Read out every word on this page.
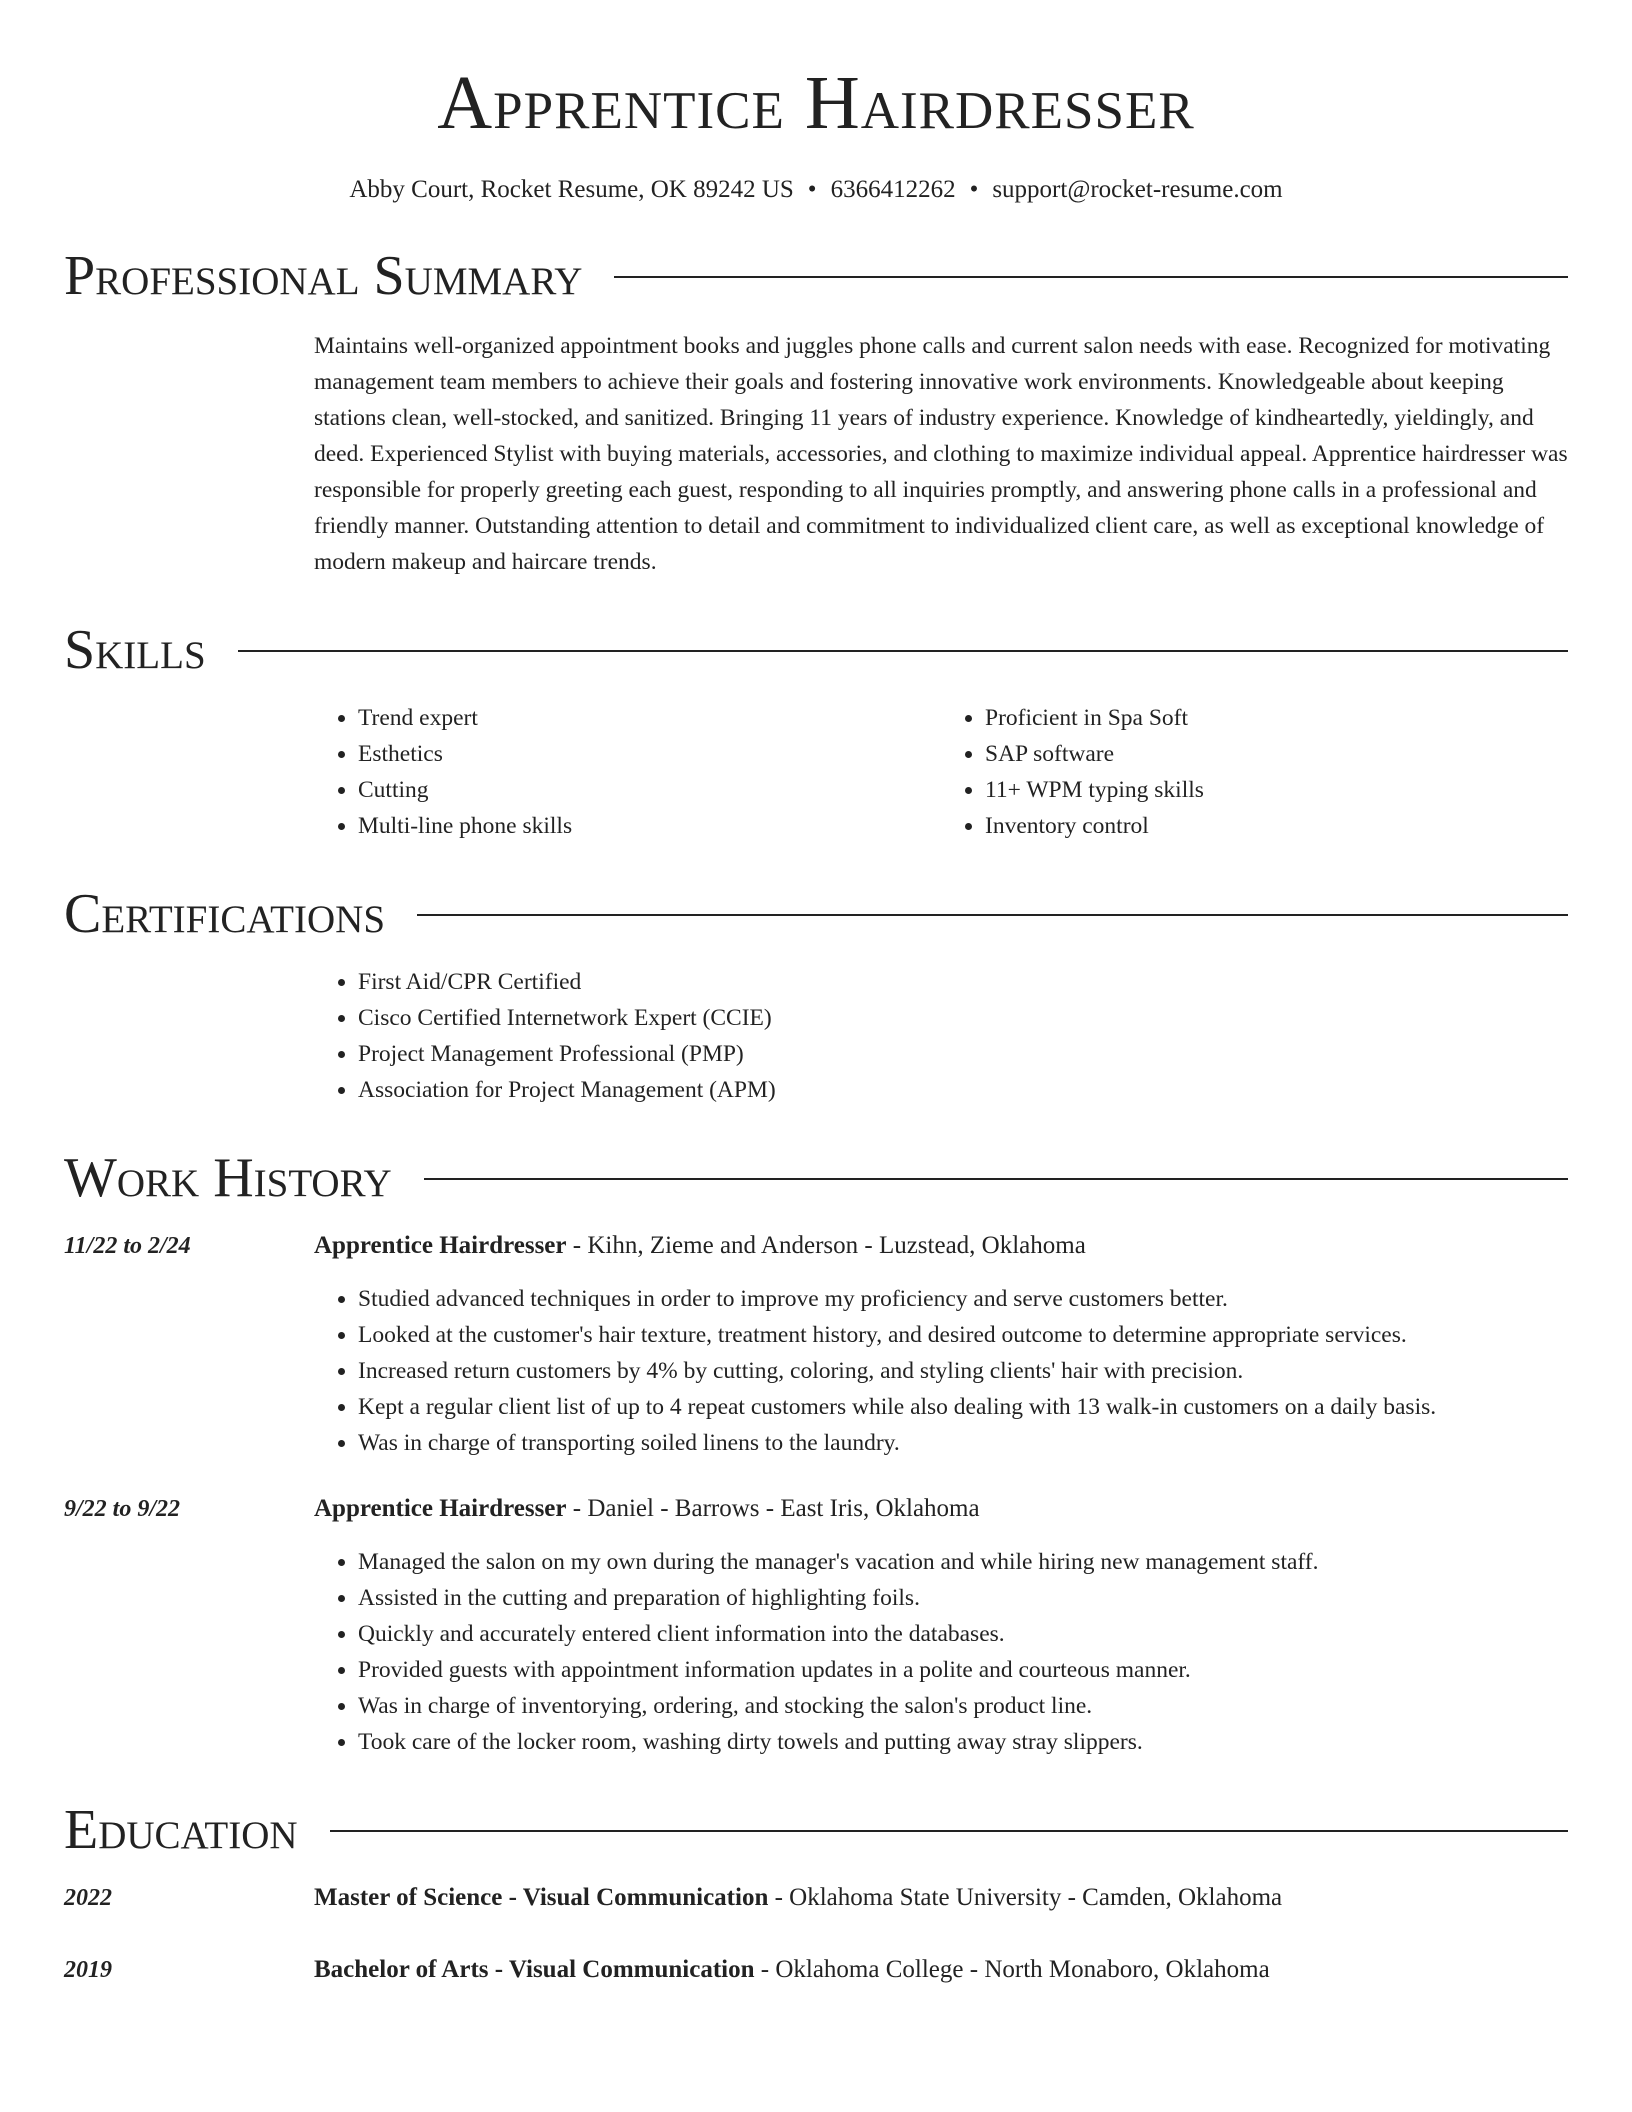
Apprentice Hairdresser
Abby Court, Rocket Resume, OK 89242 US • 6366412262 • support@rocket-resume.com
Professional Summary
Maintains well-organized appointment books and juggles phone calls and current salon needs with ease. Recognized for motivating management team members to achieve their goals and fostering innovative work environments. Knowledgeable about keeping stations clean, well-stocked, and sanitized. Bringing 11 years of industry experience. Knowledge of kindheartedly, yieldingly, and deed. Experienced Stylist with buying materials, accessories, and clothing to maximize individual appeal. Apprentice hairdresser was responsible for properly greeting each guest, responding to all inquiries promptly, and answering phone calls in a professional and friendly manner. Outstanding attention to detail and commitment to individualized client care, as well as exceptional knowledge of modern makeup and haircare trends.
Skills
• Trend expert
• Esthetics
• Cutting
• Multi-line phone skills
• Proficient in Spa Soft
• SAP software
• 11+ WPM typing skills
• Inventory control
Certifications
• First Aid/CPR Certified
• Cisco Certified Internetwork Expert (CCIE)
• Project Management Professional (PMP)
• Association for Project Management (APM)
Work History
11/22 to 2/24	Apprentice Hairdresser - Kihn, Zieme and Anderson - Luzstead, Oklahoma
• Studied advanced techniques in order to improve my proficiency and serve customers better.
• Looked at the customer's hair texture, treatment history, and desired outcome to determine appropriate services.
• Increased return customers by 4% by cutting, coloring, and styling clients' hair with precision.
• Kept a regular client list of up to 4 repeat customers while also dealing with 13 walk-in customers on a daily basis.
• Was in charge of transporting soiled linens to the laundry.
9/22 to 9/22	Apprentice Hairdresser - Daniel - Barrows - East Iris, Oklahoma
• Managed the salon on my own during the manager's vacation and while hiring new management staff.
• Assisted in the cutting and preparation of highlighting foils.
• Quickly and accurately entered client information into the databases.
• Provided guests with appointment information updates in a polite and courteous manner.
• Was in charge of inventorying, ordering, and stocking the salon's product line.
• Took care of the locker room, washing dirty towels and putting away stray slippers.
Education
2022	Master of Science - Visual Communication - Oklahoma State University - Camden, Oklahoma
2019	Bachelor of Arts - Visual Communication - Oklahoma College - North Monaboro, Oklahoma
